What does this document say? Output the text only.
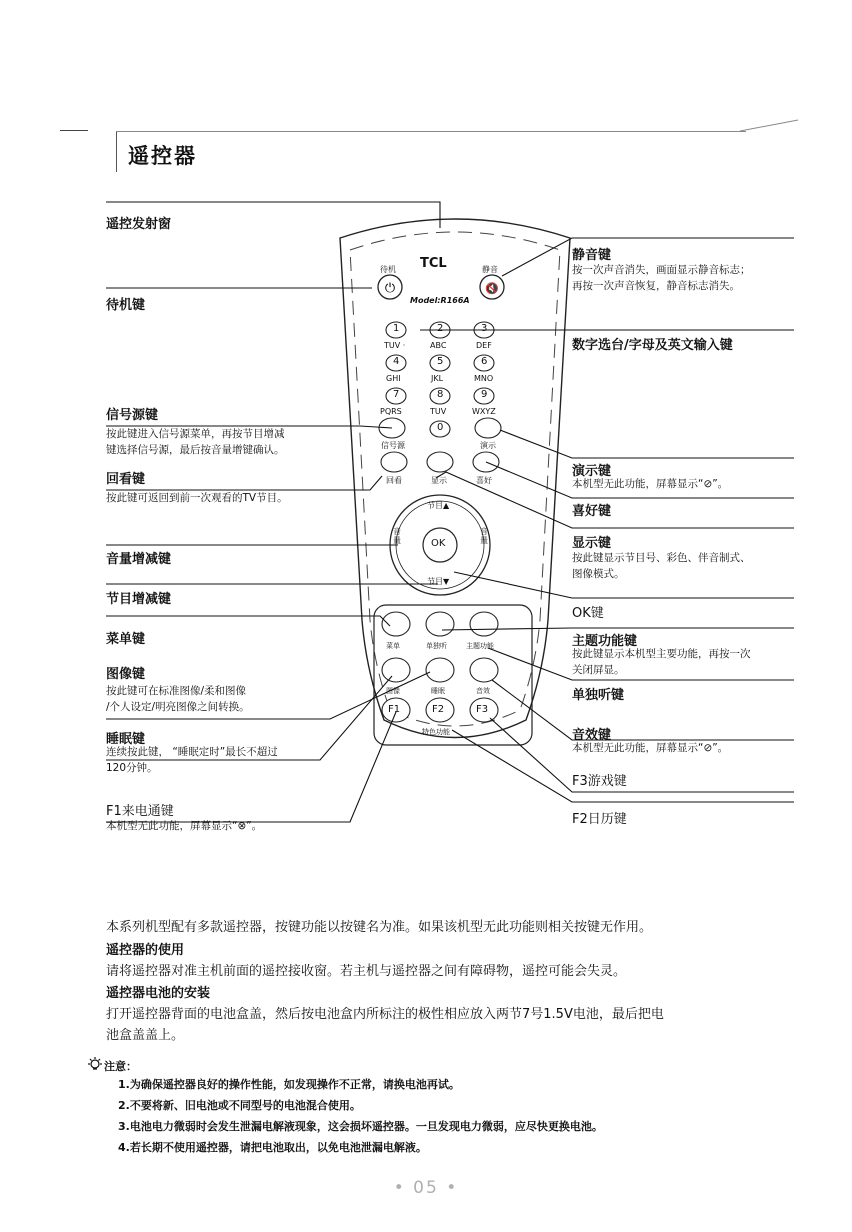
遥控器
⏻	🔇
TCL
Model:R166A
待机	静音
1	2	3
TUV ·	ABC	DEF
4	5	6
GHI	JKL	MNO
7	8	9
PQRS	TUV	WXYZ
0
信号源	演示
回看	显示	喜好
节目▲
节目▼
音量
音量
OK
菜单	单独听	主题功能
图像	睡眠	音效
F1	F2	F3
特色功能
遥控发射窗
待机键
信号源键
按此键进入信号源菜单，再按节目增减
键选择信号源，最后按音量增键确认。
回看键
按此键可返回到前一次观看的TV节目。
音量增减键
节目增减键
菜单键
图像键
按此键可在标准图像/柔和图像
/个人设定/明亮图像之间转换。
睡眠键
连续按此键， “睡眠定时”最长不超过
120分钟。
F1来电通键
本机型无此功能，屏幕显示“⊗”。
静音键
按一次声音消失，画面显示静音标志；
再按一次声音恢复，静音标志消失。
数字选台/字母及英文输入键
演示键
本机型无此功能，屏幕显示“⊘”。
喜好键
显示键
按此键显示节目号、彩色、伴音制式、
图像模式。
OK键
主题功能键
按此键显示本机型主要功能，再按一次
关闭屏显。
单独听键
音效键
本机型无此功能，屏幕显示“⊘”。
F3游戏键
F2日历键
本系列机型配有多款遥控器，按键功能以按键名为准。如果该机型无此功能则相关按键无作用。
遥控器的使用
请将遥控器对准主机前面的遥控接收窗。若主机与遥控器之间有障碍物，遥控可能会失灵。
遥控器电池的安装
打开遥控器背面的电池盒盖，然后按电池盒内所标注的极性相应放入两节7号1.5V电池，最后把电
池盒盖盖上。
注意：
1.为确保遥控器良好的操作性能，如发现操作不正常，请换电池再试。
2.不要将新、旧电池或不同型号的电池混合使用。
3.电池电力微弱时会发生泄漏电解液现象，这会损坏遥控器。一旦发现电力微弱，应尽快更换电池。
4.若长期不使用遥控器，请把电池取出，以免电池泄漏电解液。
• 05 •
